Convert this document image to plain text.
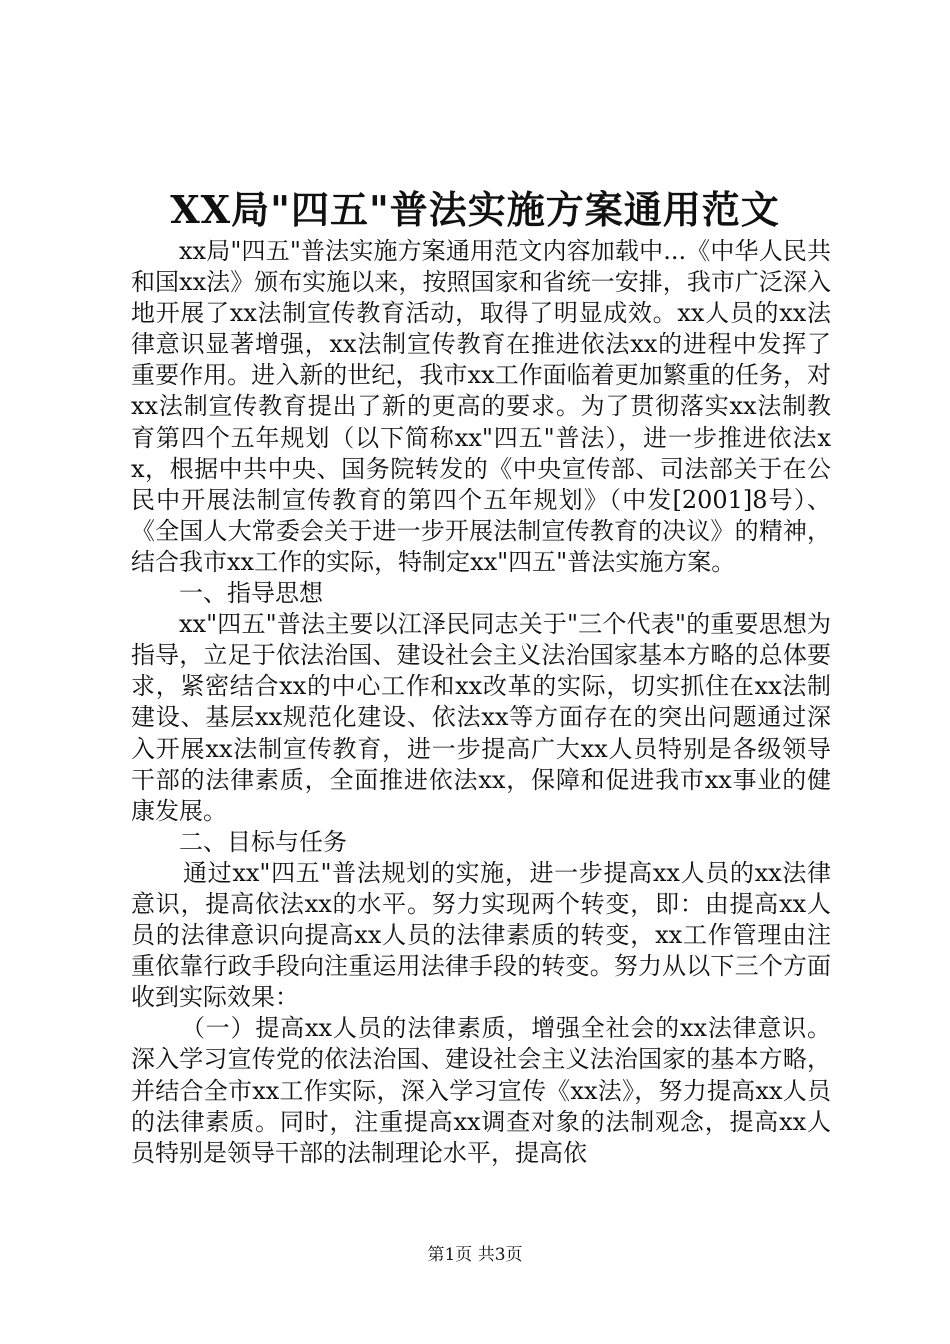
XX局"四五"普法实施方案通用范文

xx局"四五"普法实施方案通用范文内容加载中...《中华人民共和国xx法》颁布实施以来，按照国家和省统一安排，我市广泛深入地开展了xx法制宣传教育活动，取得了明显成效。xx人员的xx法律意识显著增强，xx法制宣传教育在推进依法xx的进程中发挥了重要作用。进入新的世纪，我市xx工作面临着更加繁重的任务，对xx法制宣传教育提出了新的更高的要求。为了贯彻落实xx法制教育第四个五年规划（以下简称xx"四五"普法），进一步推进依法xx，根据中共中央、国务院转发的《中央宣传部、司法部关于在公民中开展法制宣传教育的第四个五年规划》（中发[2001]8号）、《全国人大常委会关于进一步开展法制宣传教育的决议》的精神，结合我市xx工作的实际，特制定xx"四五"普法实施方案。

一、指导思想

xx"四五"普法主要以江泽民同志关于"三个代表"的重要思想为指导，立足于依法治国、建设社会主义法治国家基本方略的总体要求，紧密结合xx的中心工作和xx改革的实际，切实抓住在xx法制建设、基层xx规范化建设、依法xx等方面存在的突出问题通过深入开展xx法制宣传教育，进一步提高广大xx人员特别是各级领导干部的法律素质，全面推进依法xx，保障和促进我市xx事业的健康发展。

二、目标与任务

通过xx"四五"普法规划的实施，进一步提高xx人员的xx法律意识，提高依法xx的水平。努力实现两个转变，即：由提高xx人员的法律意识向提高xx人员的法律素质的转变，xx工作管理由注重依靠行政手段向注重运用法律手段的转变。努力从以下三个方面收到实际效果：

（一）提高xx人员的法律素质，增强全社会的xx法律意识。深入学习宣传党的依法治国、建设社会主义法治国家的基本方略，并结合全市xx工作实际，深入学习宣传《xx法》，努力提高xx人员的法律素质。同时，注重提高xx调查对象的法制观念，提高xx人员特别是领导干部的法制理论水平，提高依

第1页 共3页
